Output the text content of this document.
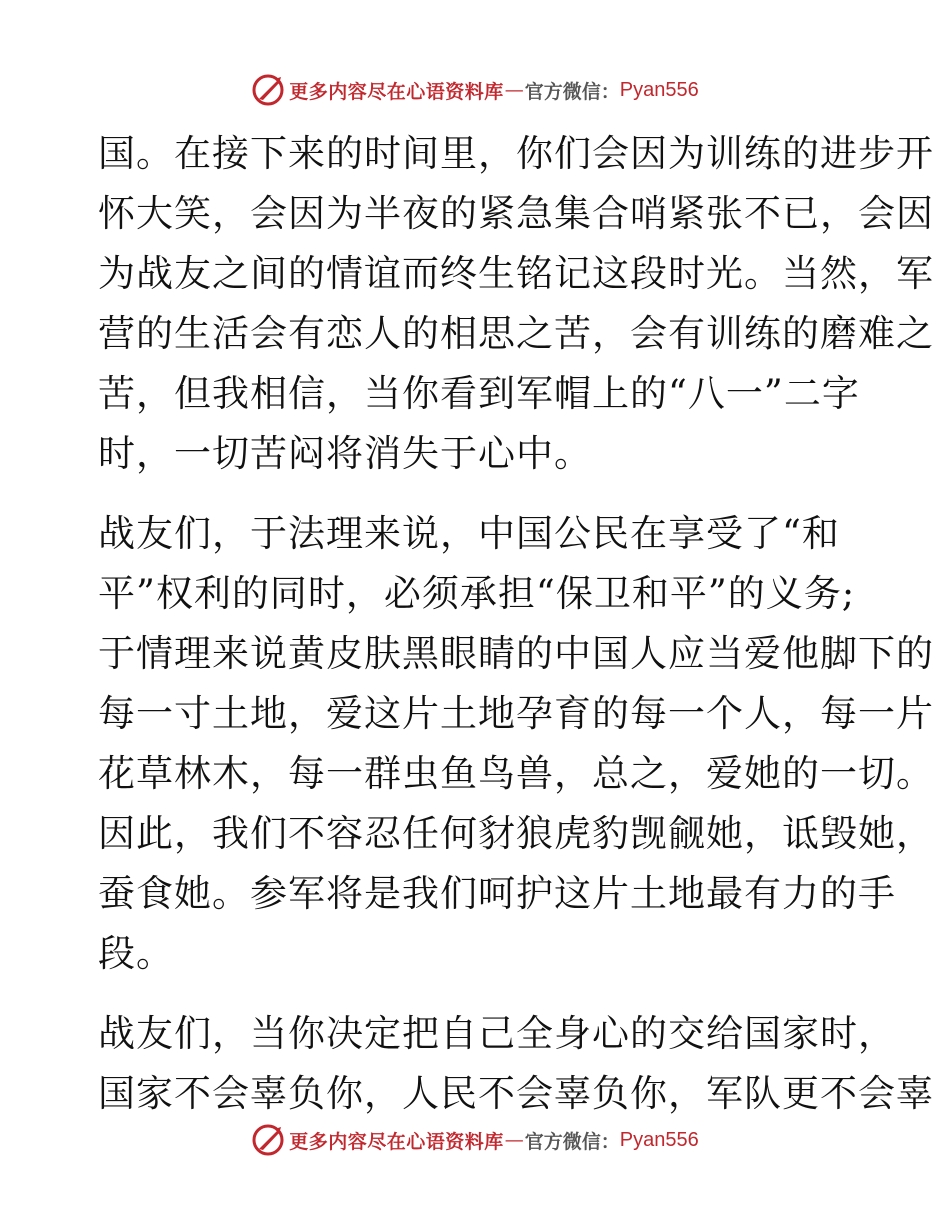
更多内容尽在心语资料库 — 官方微信： Pyan556
国。在接下来的时间里，你们会因为训练的进步开
怀大笑，会因为半夜的紧急集合哨紧张不已，会因
为战友之间的情谊而终生铭记这段时光。当然，军
营的生活会有恋人的相思之苦，会有训练的磨难之
苦，但我相信，当你看到军帽上的“八一”二字
时，一切苦闷将消失于心中。
战友们，于法理来说，中国公民在享受了“和
平”权利的同时，必须承担“保卫和平”的义务;
于情理来说黄皮肤黑眼睛的中国人应当爱他脚下的
每一寸土地，爱这片土地孕育的每一个人，每一片
花草林木，每一群虫鱼鸟兽，总之，爱她的一切。
因此，我们不容忍任何豺狼虎豹觊觎她，诋毁她，
蚕食她。参军将是我们呵护这片土地最有力的手
段。
战友们，当你决定把自己全身心的交给国家时，
国家不会辜负你，人民不会辜负你，军队更不会辜
更多内容尽在心语资料库 — 官方微信： Pyan556
